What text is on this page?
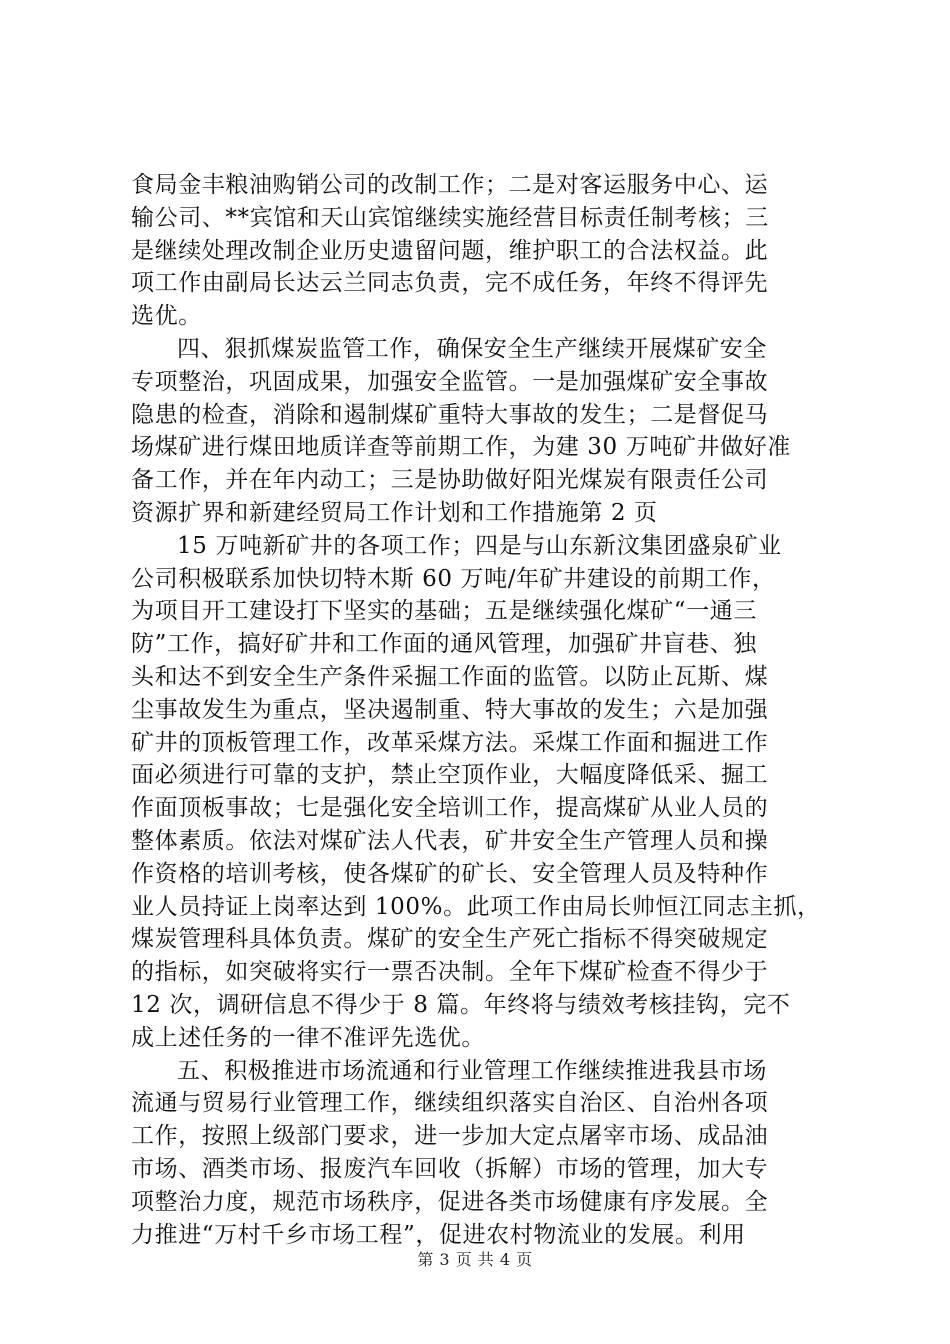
食局金丰粮油购销公司的改制工作；二是对客运服务中心、运
输公司、**宾馆和天山宾馆继续实施经营目标责任制考核；三
是继续处理改制企业历史遗留问题，维护职工的合法权益。此
项工作由副局长达云兰同志负责，完不成任务，年终不得评先
选优。
四、狠抓煤炭监管工作，确保安全生产继续开展煤矿安全
专项整治，巩固成果，加强安全监管。一是加强煤矿安全事故
隐患的检查，消除和遏制煤矿重特大事故的发生；二是督促马
场煤矿进行煤田地质详查等前期工作，为建 30 万吨矿井做好准
备工作，并在年内动工；三是协助做好阳光煤炭有限责任公司
资源扩界和新建经贸局工作计划和工作措施第 2 页
15 万吨新矿井的各项工作；四是与山东新汶集团盛泉矿业
公司积极联系加快切特木斯 60 万吨/年矿井建设的前期工作，
为项目开工建设打下坚实的基础；五是继续强化煤矿“一通三
防”工作，搞好矿井和工作面的通风管理，加强矿井盲巷、独
头和达不到安全生产条件采掘工作面的监管。以防止瓦斯、煤
尘事故发生为重点，坚决遏制重、特大事故的发生；六是加强
矿井的顶板管理工作，改革采煤方法。采煤工作面和掘进工作
面必须进行可靠的支护，禁止空顶作业，大幅度降低采、掘工
作面顶板事故；七是强化安全培训工作，提高煤矿从业人员的
整体素质。依法对煤矿法人代表，矿井安全生产管理人员和操
作资格的培训考核，使各煤矿的矿长、安全管理人员及特种作
业人员持证上岗率达到 100%。此项工作由局长帅恒江同志主抓，
煤炭管理科具体负责。煤矿的安全生产死亡指标不得突破规定
的指标，如突破将实行一票否决制。全年下煤矿检查不得少于
12 次，调研信息不得少于 8 篇。年终将与绩效考核挂钩，完不
成上述任务的一律不准评先选优。
五、积极推进市场流通和行业管理工作继续推进我县市场
流通与贸易行业管理工作，继续组织落实自治区、自治州各项
工作，按照上级部门要求，进一步加大定点屠宰市场、成品油
市场、酒类市场、报废汽车回收（拆解）市场的管理，加大专
项整治力度，规范市场秩序，促进各类市场健康有序发展。全
力推进“万村千乡市场工程”，促进农村物流业的发展。利用
第 3 页 共 4 页
